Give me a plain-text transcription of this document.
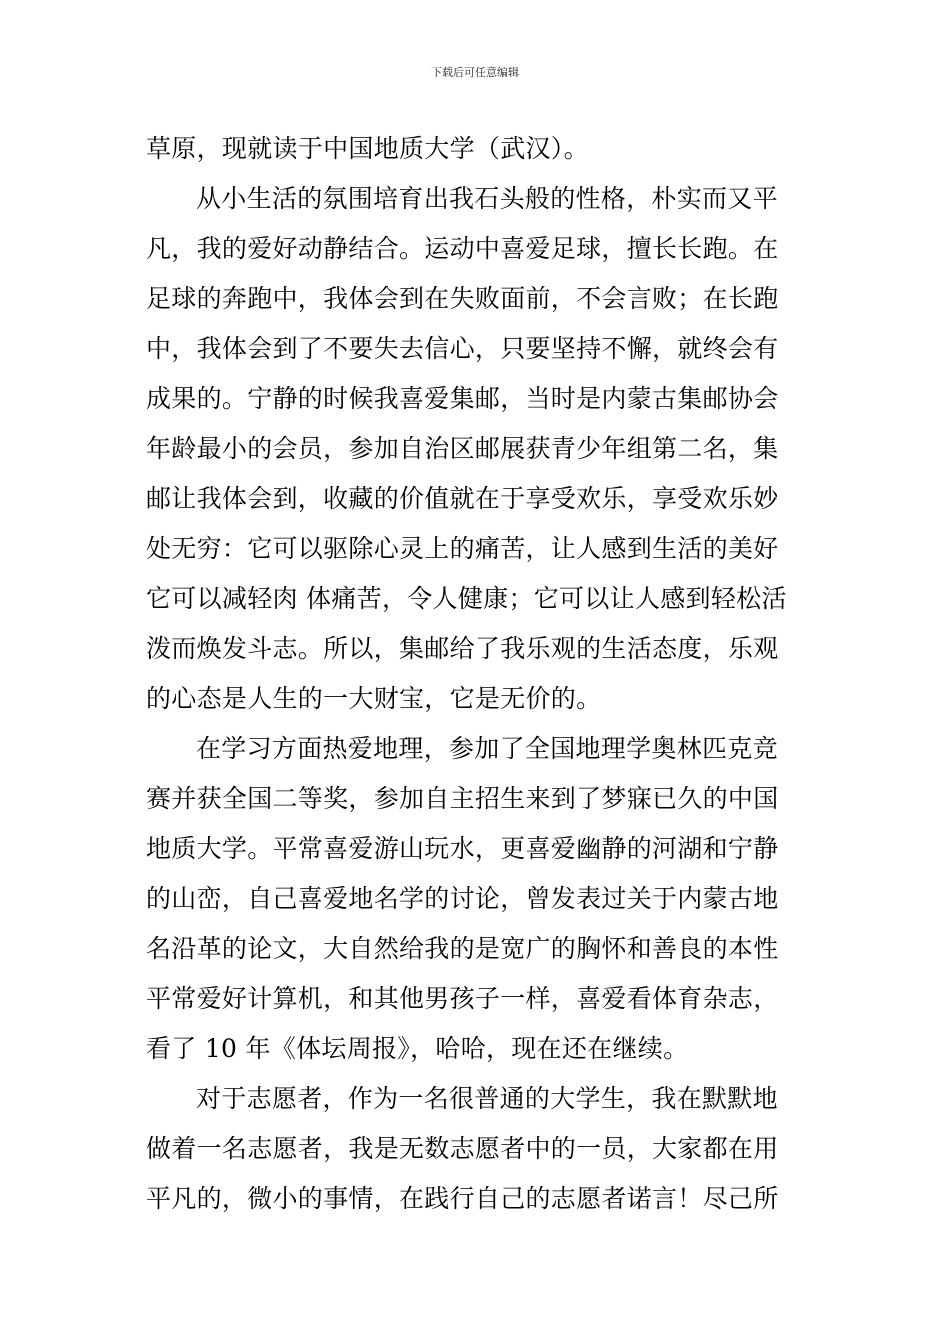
下载后可任意编辑
草原，现就读于中国地质大学（武汉）。
从小生活的氛围培育出我石头般的性格，朴实而又平
凡，我的爱好动静结合。运动中喜爱足球，擅长长跑。在
足球的奔跑中，我体会到在失败面前，不会言败；在长跑
中，我体会到了不要失去信心，只要坚持不懈，就终会有
成果的。宁静的时候我喜爱集邮，当时是内蒙古集邮协会
年龄最小的会员，参加自治区邮展获青少年组第二名，集
邮让我体会到，收藏的价值就在于享受欢乐，享受欢乐妙
处无穷：它可以驱除心灵上的痛苦，让人感到生活的美好
它可以减轻肉 体痛苦，令人健康；它可以让人感到轻松活
泼而焕发斗志。所以，集邮给了我乐观的生活态度，乐观
的心态是人生的一大财宝，它是无价的。
在学习方面热爱地理，参加了全国地理学奥林匹克竞
赛并获全国二等奖，参加自主招生来到了梦寐已久的中国
地质大学。平常喜爱游山玩水，更喜爱幽静的河湖和宁静
的山峦，自己喜爱地名学的讨论，曾发表过关于内蒙古地
名沿革的论文，大自然给我的是宽广的胸怀和善良的本性
平常爱好计算机，和其他男孩子一样，喜爱看体育杂志，
看了 10 年《体坛周报》，哈哈，现在还在继续。
对于志愿者，作为一名很普通的大学生，我在默默地
做着一名志愿者，我是无数志愿者中的一员，大家都在用
平凡的，微小的事情，在践行自己的志愿者诺言！尽己所
